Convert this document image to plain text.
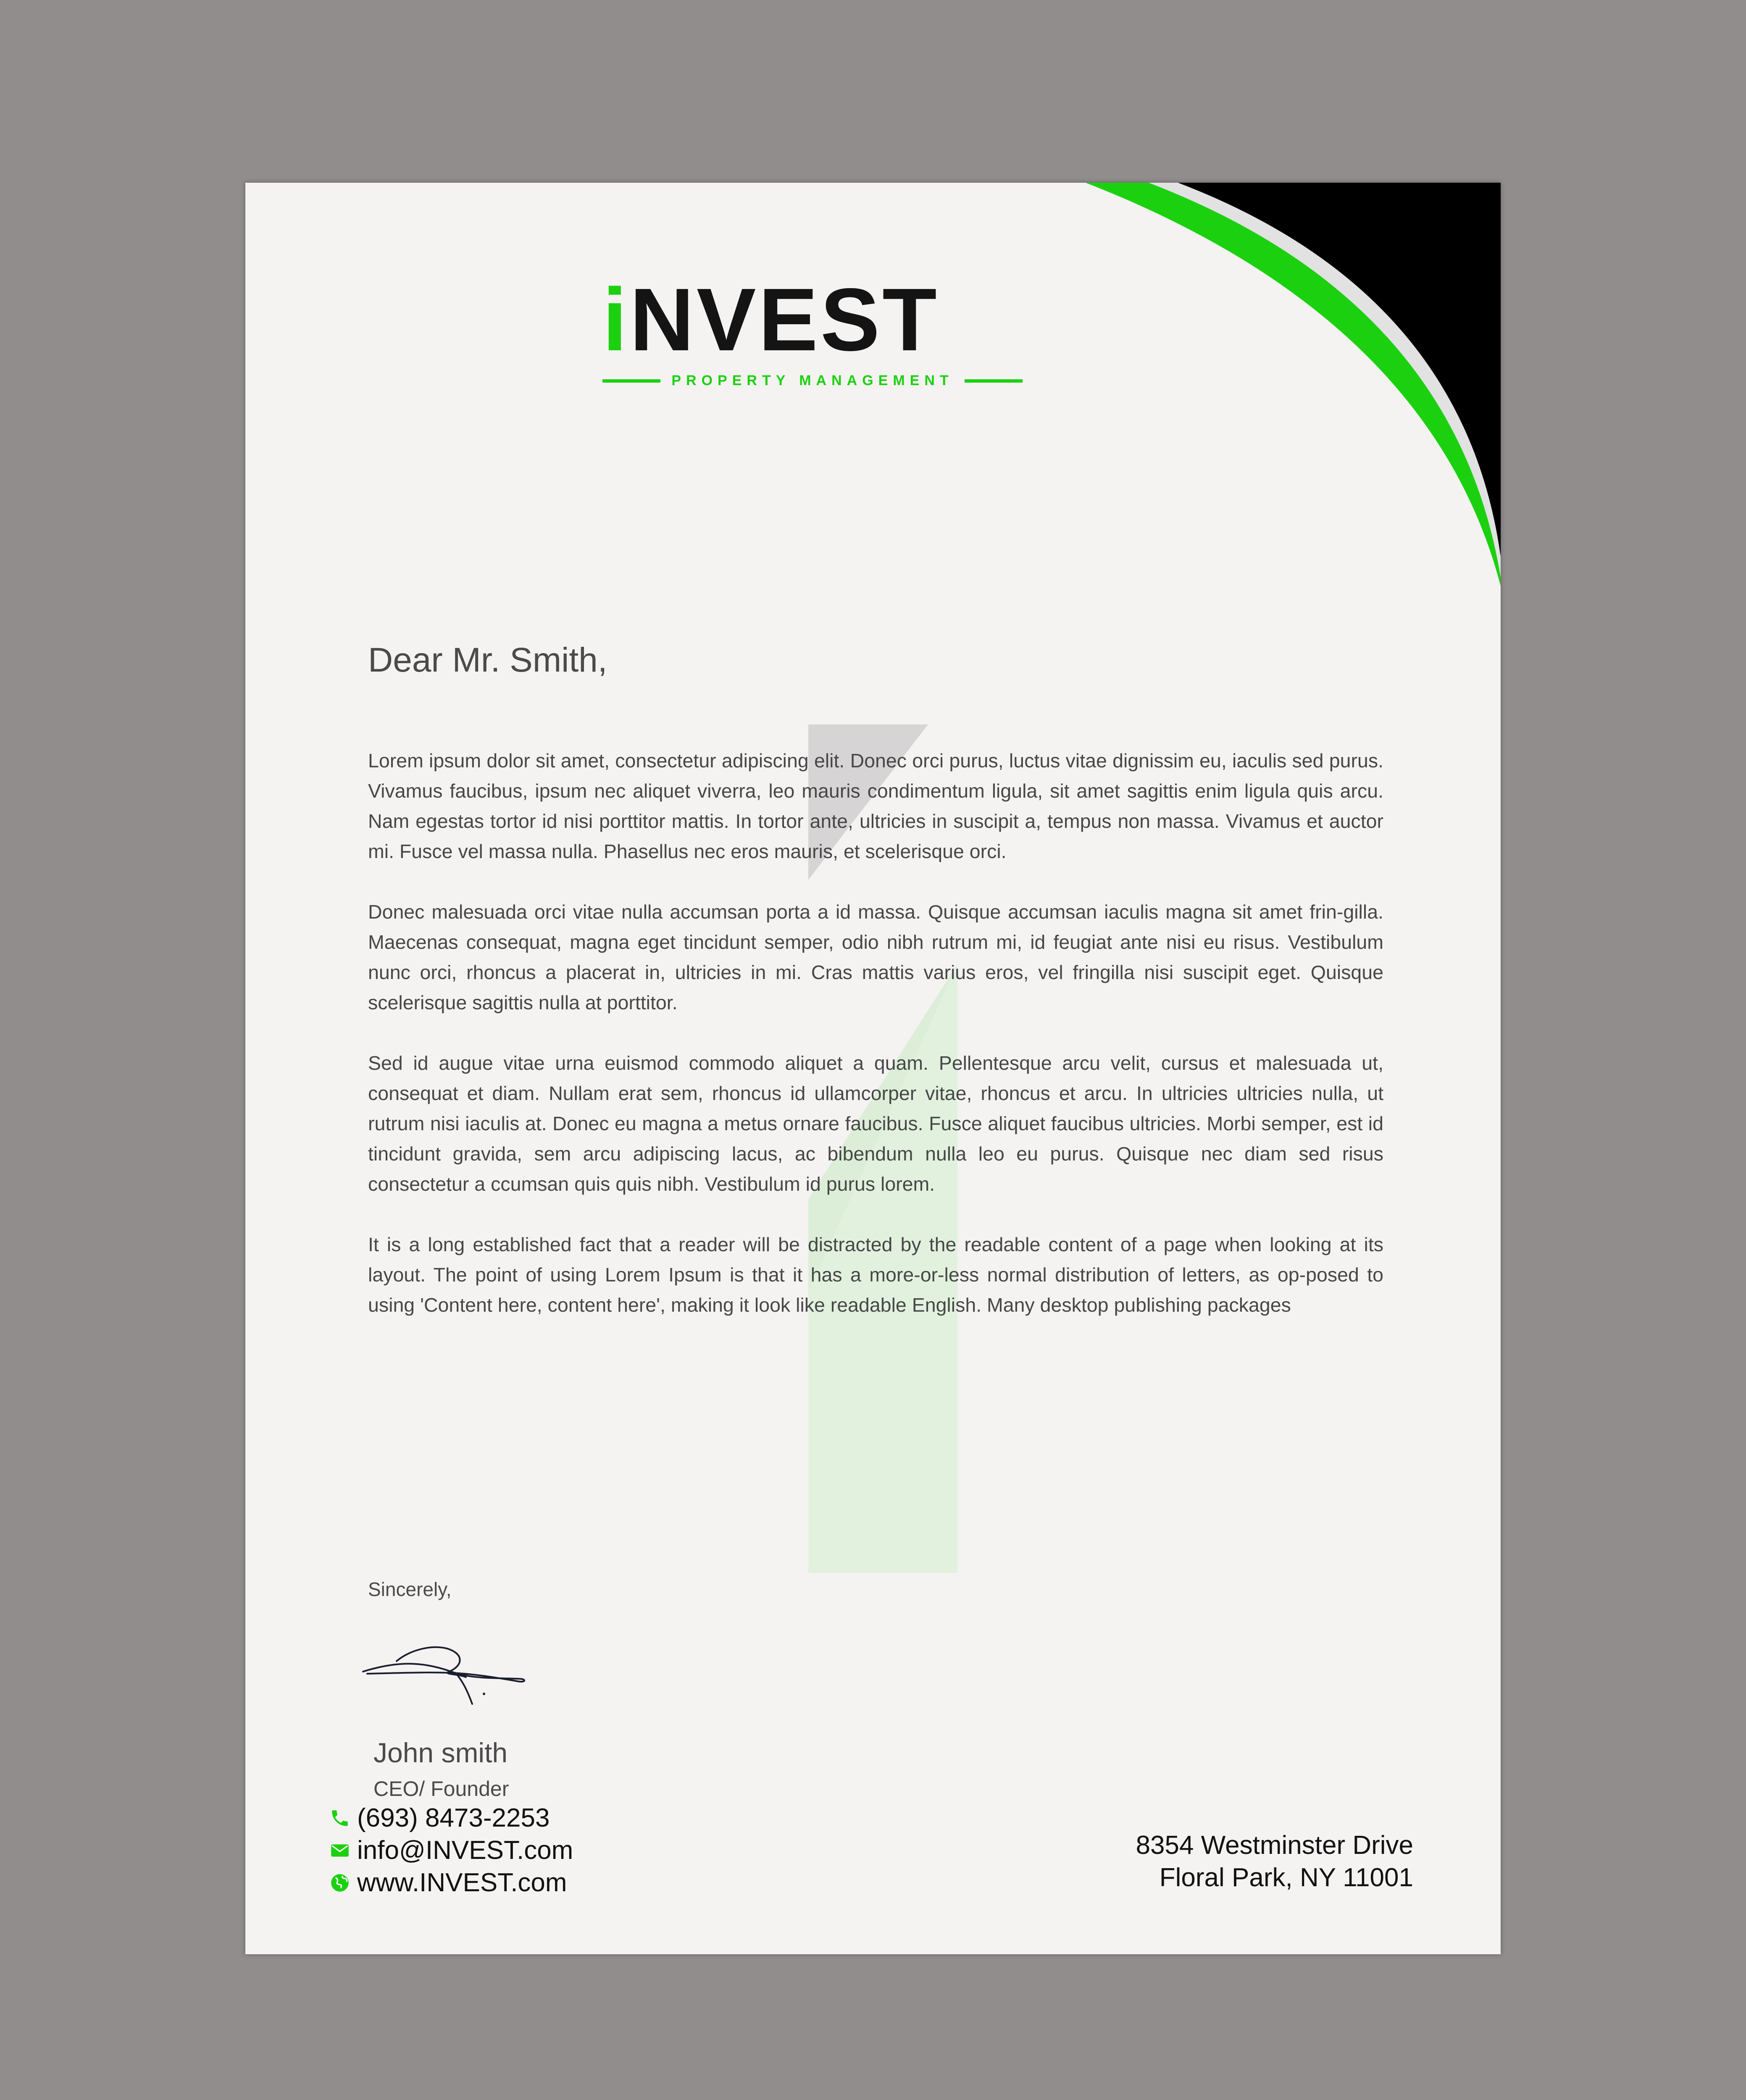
iNVEST
PROPERTY MANAGEMENT
Dear Mr. Smith,

Lorem ipsum dolor sit amet, consectetur adipiscing elit. Donec orci purus, luctus vitae dignissim eu, iaculis sed purus. Vivamus faucibus, ipsum nec aliquet viverra, leo mauris condimentum ligula, sit amet sagittis enim ligula quis arcu. Nam egestas tortor id nisi porttitor mattis. In tortor ante, ultricies in suscipit a, tempus non massa. Vivamus et auctor mi. Fusce vel massa nulla. Phasellus nec eros mauris, et scelerisque orci.

Donec malesuada orci vitae nulla accumsan porta a id massa. Quisque accumsan iaculis magna sit amet frin-gilla. Maecenas consequat, magna eget tincidunt semper, odio nibh rutrum mi, id feugiat ante nisi eu risus. Vestibulum nunc orci, rhoncus a placerat in, ultricies in mi. Cras mattis varius eros, vel fringilla nisi suscipit eget. Quisque scelerisque sagittis nulla at porttitor.

Sed id augue vitae urna euismod commodo aliquet a quam. Pellentesque arcu velit, cursus et malesuada ut, consequat et diam. Nullam erat sem, rhoncus id ullamcorper vitae, rhoncus et arcu. In ultricies ultricies nulla, ut rutrum nisi iaculis at. Donec eu magna a metus ornare faucibus. Fusce aliquet faucibus ultricies. Morbi semper, est id tincidunt gravida, sem arcu adipiscing lacus, ac bibendum nulla leo eu purus. Quisque nec diam sed risus consectetur a ccumsan quis quis nibh. Vestibulum id purus lorem.

It is a long established fact that a reader will be distracted by the readable content of a page when looking at its layout. The point of using Lorem Ipsum is that it has a more-or-less normal distribution of letters, as op-posed to using 'Content here, content here', making it look like readable English. Many desktop publishing packages

Sincerely,
John smith
CEO/ Founder
(693) 8473-2253
info@INVEST.com
www.INVEST.com
8354 Westminster Drive
Floral Park, NY 11001
